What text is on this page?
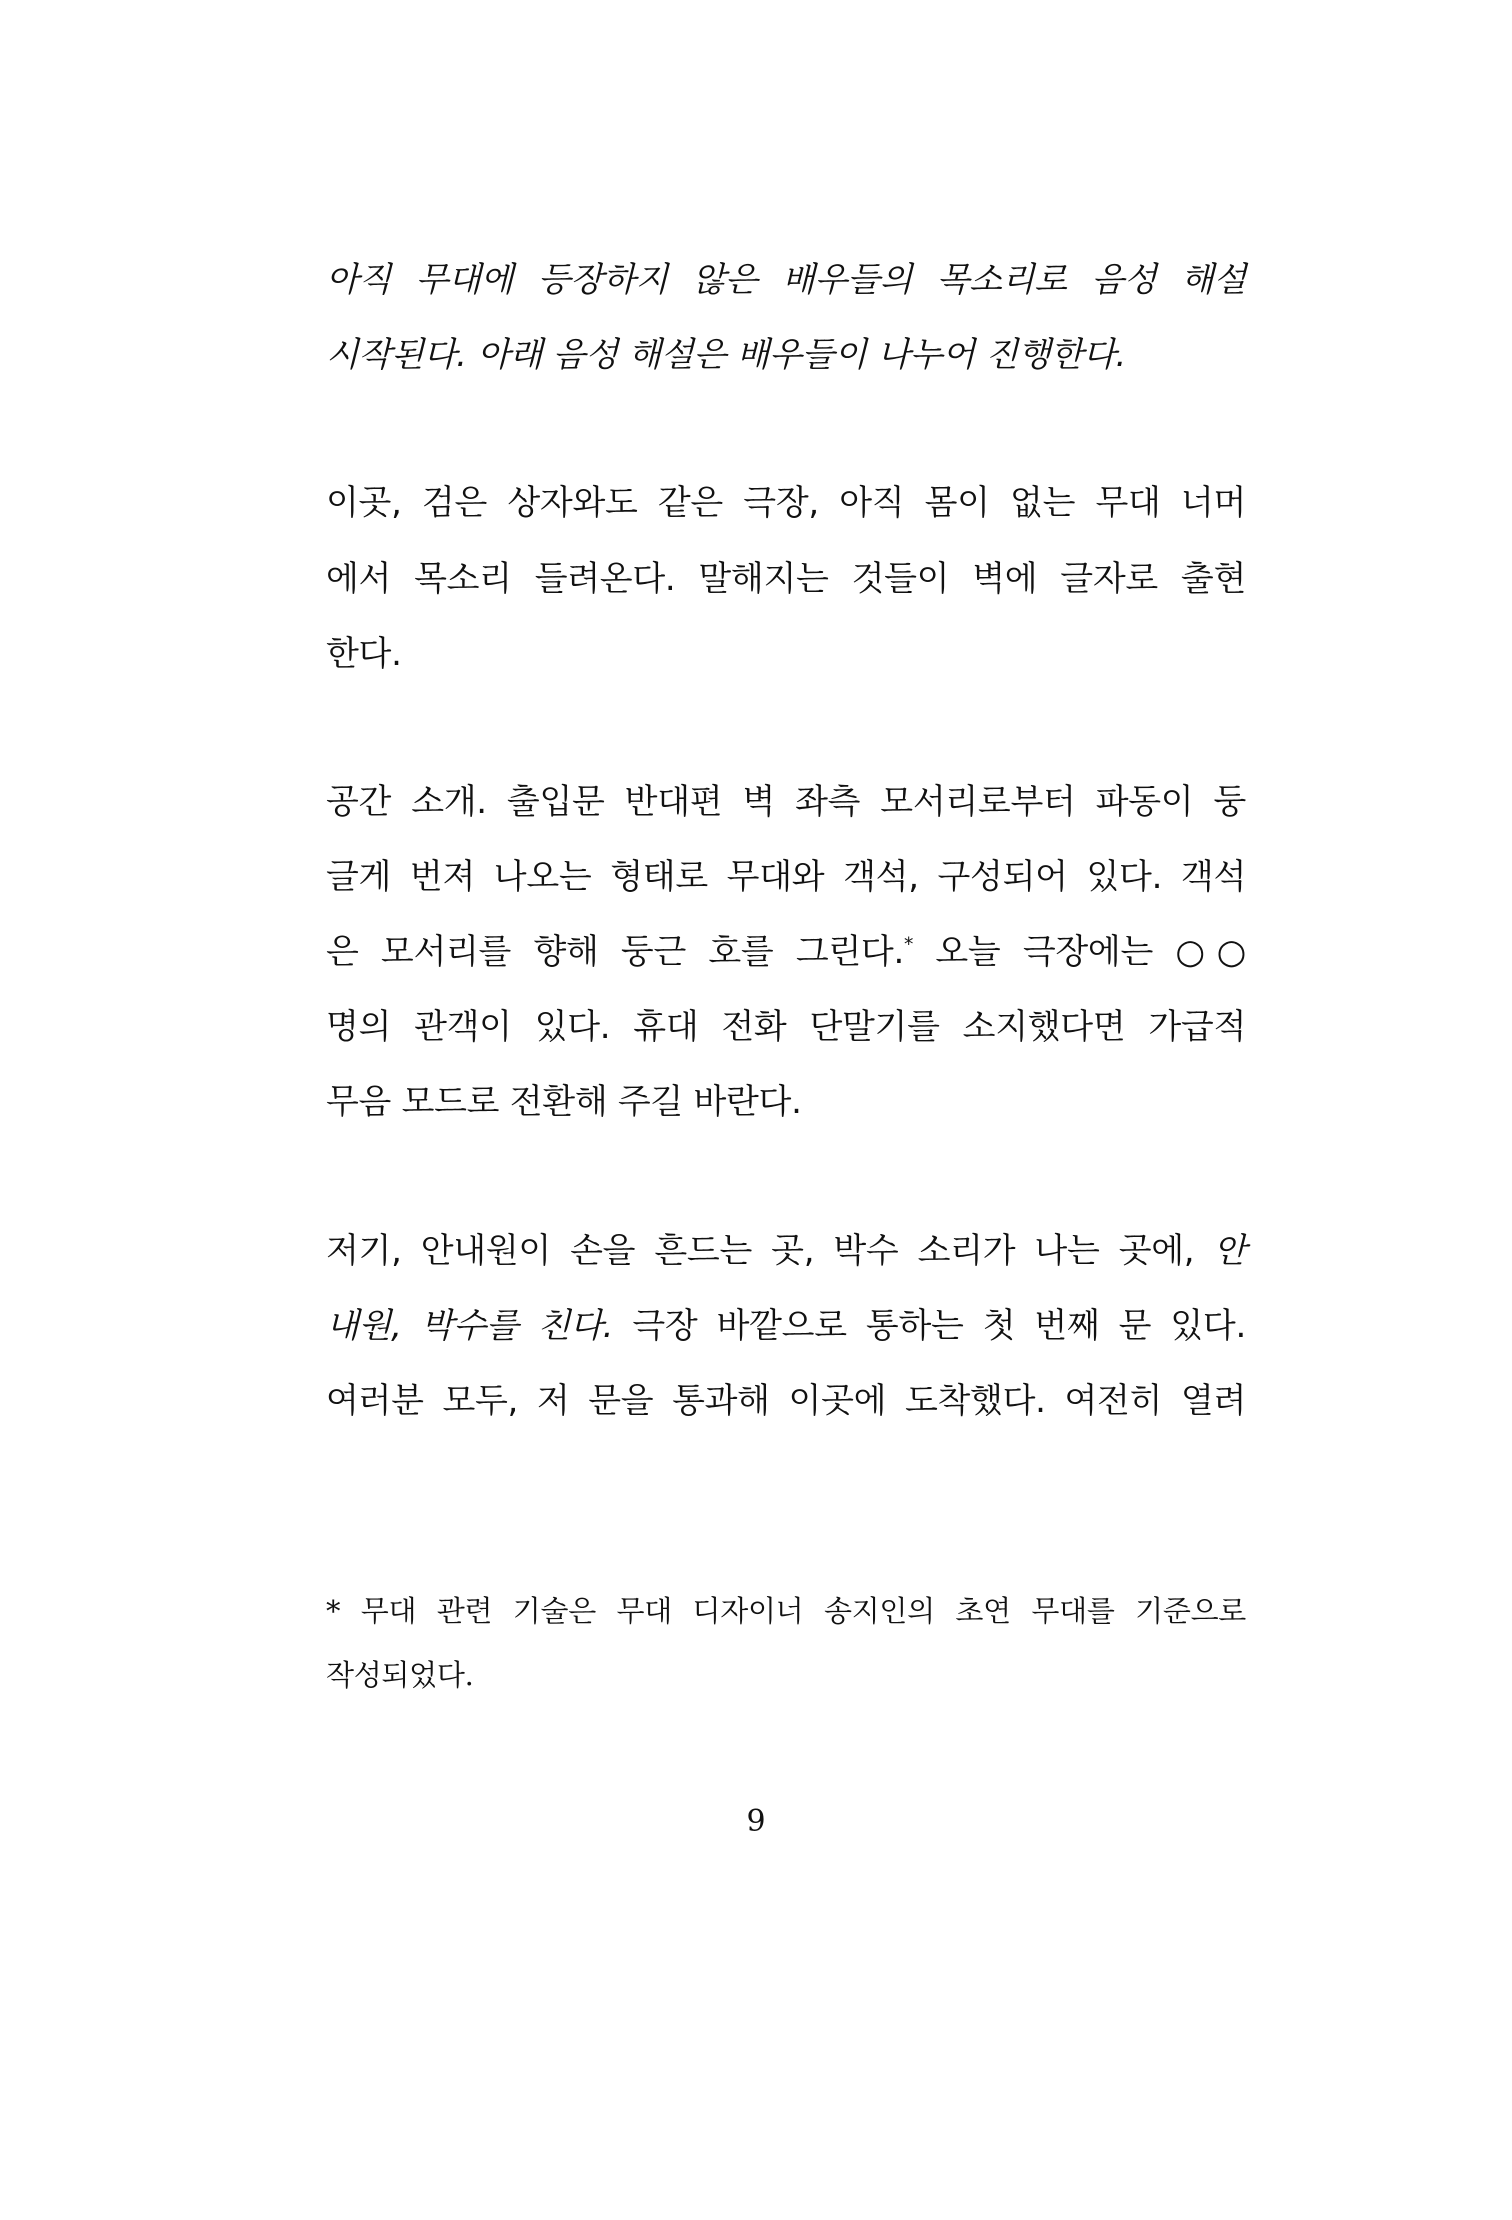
아직 무대에 등장하지 않은 배우들의 목소리로 음성 해설
시작된다. 아래 음성 해설은 배우들이 나누어 진행한다.
이곳, 검은 상자와도 같은 극장, 아직 몸이 없는 무대 너머
에서 목소리 들려온다. 말해지는 것들이 벽에 글자로 출현
한다.
공간 소개. 출입문 반대편 벽 좌측 모서리로부터 파동이 둥
글게 번져 나오는 형태로 무대와 객석, 구성되어 있다. 객석
은 모서리를 향해 둥근 호를 그린다.* 오늘 극장에는 ○○
명의 관객이 있다. 휴대 전화 단말기를 소지했다면 가급적
무음 모드로 전환해 주길 바란다.
저기, 안내원이 손을 흔드는 곳, 박수 소리가 나는 곳에, 안
내원, 박수를 친다. 극장 바깥으로 통하는 첫 번째 문 있다.
여러분 모두, 저 문을 통과해 이곳에 도착했다. 여전히 열려
* 무대 관련 기술은 무대 디자이너 송지인의 초연 무대를 기준으로
작성되었다.
9
